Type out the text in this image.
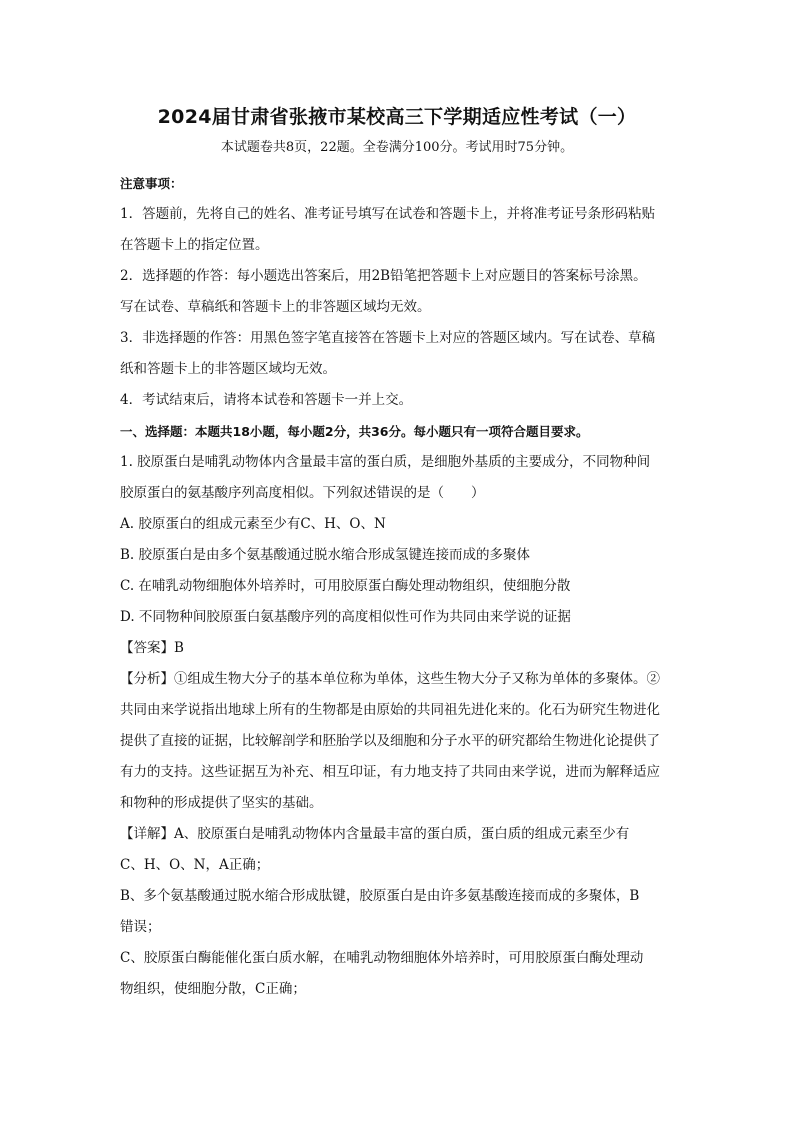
2024届甘肃省张掖市某校高三下学期适应性考试（一）
本试题卷共8页，22题。全卷满分100分。考试用时75分钟。
注意事项：
1．答题前，先将自己的姓名、准考证号填写在试卷和答题卡上，并将准考证号条形码粘贴
在答题卡上的指定位置。
2．选择题的作答：每小题选出答案后，用2B铅笔把答题卡上对应题目的答案标号涂黑。
写在试卷、草稿纸和答题卡上的非答题区域均无效。
3．非选择题的作答：用黑色签字笔直接答在答题卡上对应的答题区域内。写在试卷、草稿
纸和答题卡上的非答题区域均无效。
4．考试结束后，请将本试卷和答题卡一并上交。
一、选择题：本题共18小题，每小题2分，共36分。每小题只有一项符合题目要求。
1. 胶原蛋白是哺乳动物体内含量最丰富的蛋白质，是细胞外基质的主要成分，不同物种间
胶原蛋白的氨基酸序列高度相似。下列叙述错误的是（　　）
A. 胶原蛋白的组成元素至少有C、H、O、N
B. 胶原蛋白是由多个氨基酸通过脱水缩合形成氢键连接而成的多聚体
C. 在哺乳动物细胞体外培养时，可用胶原蛋白酶处理动物组织，使细胞分散
D. 不同物种间胶原蛋白氨基酸序列的高度相似性可作为共同由来学说的证据
【答案】B
【分析】①组成生物大分子的基本单位称为单体，这些生物大分子又称为单体的多聚体。②
共同由来学说指出地球上所有的生物都是由原始的共同祖先进化来的。化石为研究生物进化
提供了直接的证据，比较解剖学和胚胎学以及细胞和分子水平的研究都给生物进化论提供了
有力的支持。这些证据互为补充、相互印证，有力地支持了共同由来学说，进而为解释适应
和物种的形成提供了坚实的基础。
【详解】A、胶原蛋白是哺乳动物体内含量最丰富的蛋白质，蛋白质的组成元素至少有
C、H、O、N，A正确；
B、多个氨基酸通过脱水缩合形成肽键，胶原蛋白是由许多氨基酸连接而成的多聚体，B
错误；
C、胶原蛋白酶能催化蛋白质水解，在哺乳动物细胞体外培养时，可用胶原蛋白酶处理动
物组织，使细胞分散，C正确；
